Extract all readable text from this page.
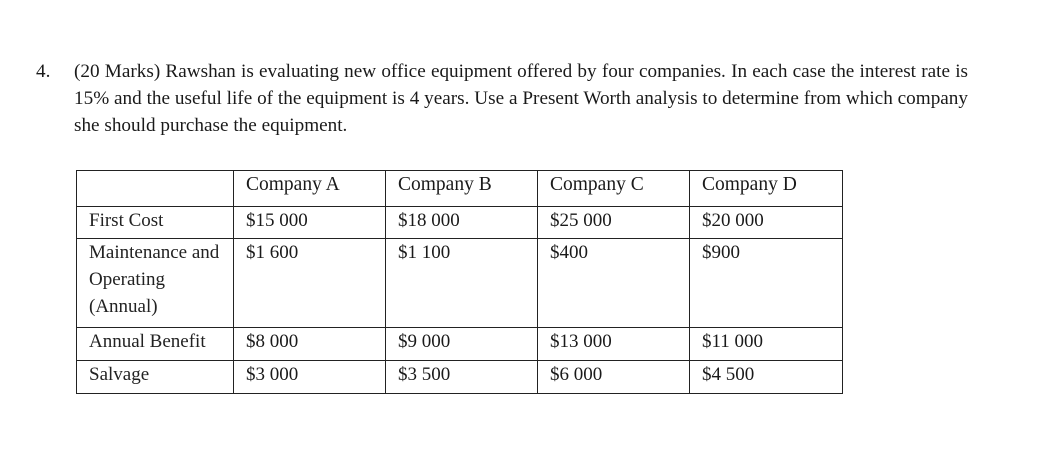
4. (20 Marks) Rawshan is evaluating new office equipment offered by four companies. In each case the interest rate is 15% and the useful life of the equipment is 4 years. Use a Present Worth analysis to determine from which company she should purchase the equipment.
	Company A	Company B	Company C	Company D
First Cost	$15 000	$18 000	$25 000	$20 000
Maintenance and Operating (Annual)	$1 600	$1 100	$400	$900
Annual Benefit	$8 000	$9 000	$13 000	$11 000
Salvage	$3 000	$3 500	$6 000	$4 500
